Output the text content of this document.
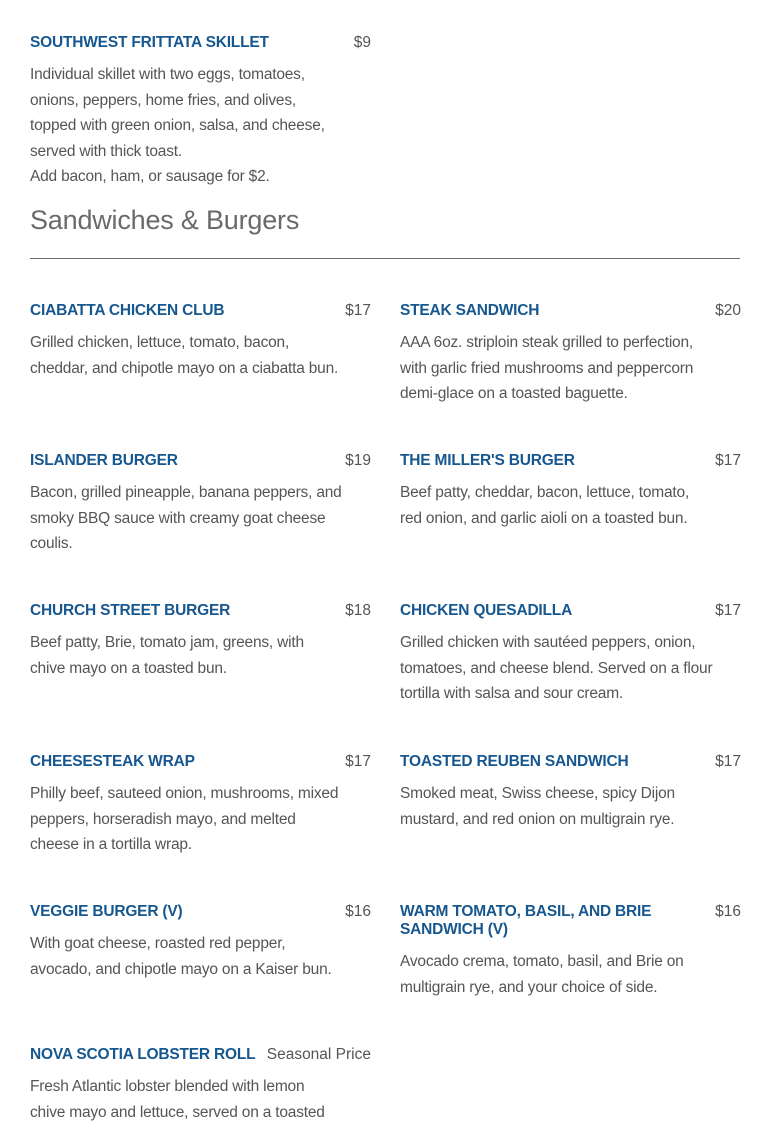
SOUTHWEST FRITTATA SKILLET	$9
Individual skillet with two eggs, tomatoes,
onions, peppers, home fries, and olives,
topped with green onion, salsa, and cheese,
served with thick toast.
Add bacon, ham, or sausage for $2.
Sandwiches & Burgers
CIABATTA CHICKEN CLUB	$17
Grilled chicken, lettuce, tomato, bacon,
cheddar, and chipotle mayo on a ciabatta bun.
STEAK SANDWICH	$20
AAA 6oz. striploin steak grilled to perfection,
with garlic fried mushrooms and peppercorn
demi-glace on a toasted baguette.
ISLANDER BURGER	$19
Bacon, grilled pineapple, banana peppers, and
smoky BBQ sauce with creamy goat cheese
coulis.
THE MILLER'S BURGER	$17
Beef patty, cheddar, bacon, lettuce, tomato,
red onion, and garlic aioli on a toasted bun.
CHURCH STREET BURGER	$18
Beef patty, Brie, tomato jam, greens, with
chive mayo on a toasted bun.
CHICKEN QUESADILLA	$17
Grilled chicken with sautéed peppers, onion,
tomatoes, and cheese blend. Served on a flour
tortilla with salsa and sour cream.
CHEESESTEAK WRAP	$17
Philly beef, sauteed onion, mushrooms, mixed
peppers, horseradish mayo, and melted
cheese in a tortilla wrap.
TOASTED REUBEN SANDWICH	$17
Smoked meat, Swiss cheese, spicy Dijon
mustard, and red onion on multigrain rye.
VEGGIE BURGER (V)	$16
With goat cheese, roasted red pepper,
avocado, and chipotle mayo on a Kaiser bun.
WARM TOMATO, BASIL, AND BRIE SANDWICH (V)
$16
Avocado crema, tomato, basil, and Brie on
multigrain rye, and your choice of side.
NOVA SCOTIA LOBSTER ROLL Seasonal Price
Fresh Atlantic lobster blended with lemon
chive mayo and lettuce, served on a toasted
